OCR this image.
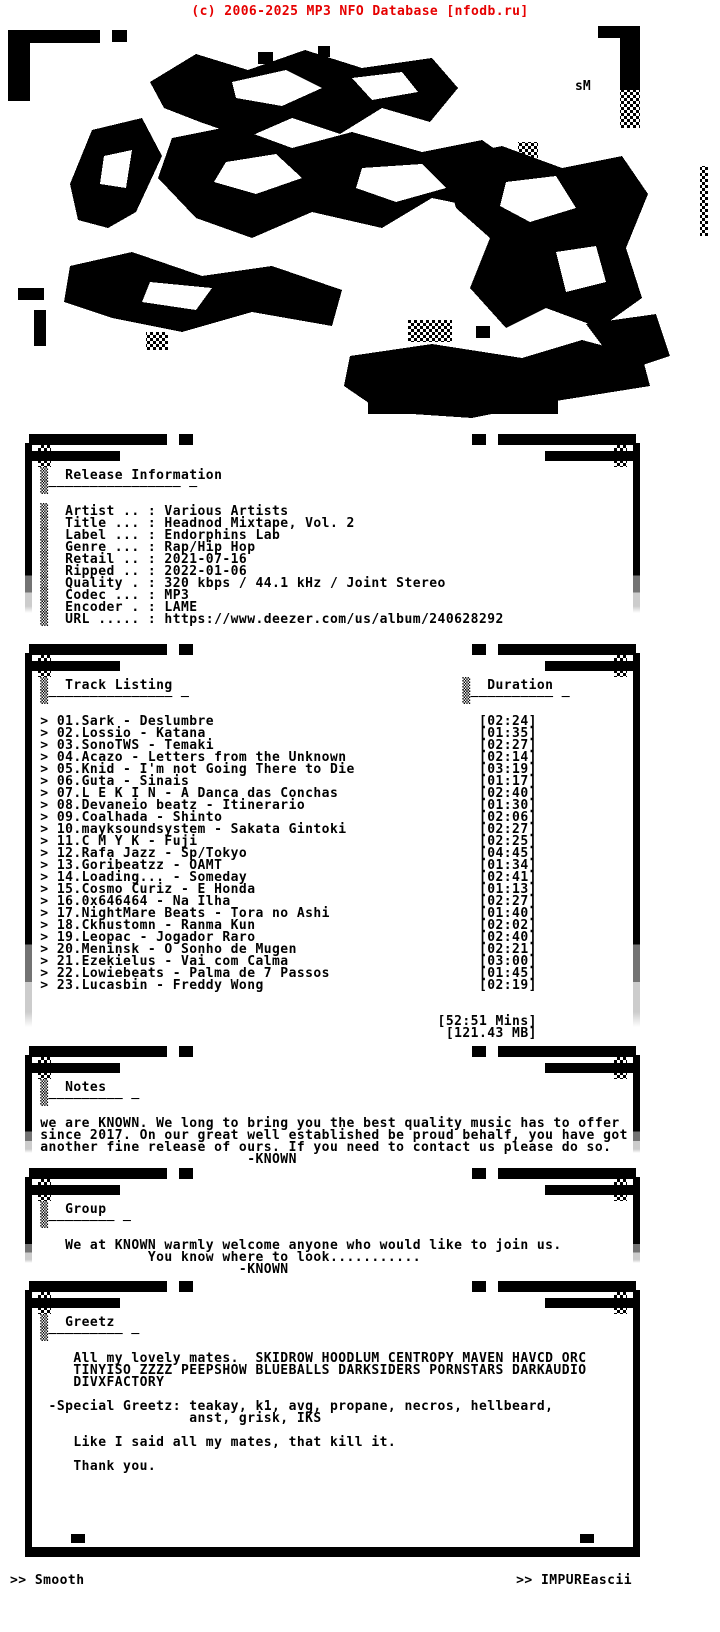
(c) 2006-2025 MP3 NFO Database [nfodb.ru]
sM

▒  Release Information
▒──────────────── ─

▒  Artist .. : Various Artists
▒  Title ... : Headnod Mixtape, Vol. 2
▒  Label ... : Endorphins Lab
▒  Genre ... : Rap/Hip Hop
▒  Retail .. : 2021-07-16
▒  Ripped .. : 2022-01-06
▒  Quality . : 320 kbps / 44.1 kHz / Joint Stereo
▒  Codec ... : MP3
▒  Encoder . : LAME
▒  URL ..... : https://www.deezer.com/us/album/240628292

▒  Track Listing                                   ▒  Duration
▒─────────────── ─                                 ▒────────── ─

> 01.Sark - Deslumbre                                [02:24]
> 02.Lossio - Katana                                 [01:35]
> 03.SonoTWS - Temaki                                [02:27]
> 04.Acazo - Letters from the Unknown                [02:14]
> 05.Knid - I'm not Going There to Die               [03:19]
> 06.Guta - Sinais                                   [01:17]
> 07.L E K I N - A Danca das Conchas                 [02:40]
> 08.Devaneio beatz - Itinerario                     [01:30]
> 09.Coalhada - Shinto                               [02:06]
> 10.mayksoundsystem - Sakata Gintoki                [02:27]
> 11.C M Y K - Fuji                                  [02:25]
> 12.Rafa Jazz - Sp/Tokyo                            [04:45]
> 13.Goribeatzz - OAMT                               [01:34]
> 14.Loading... - Someday                            [02:41]
> 15.Cosmo Curiz - E Honda                           [01:13]
> 16.0x646464 - Na Ilha                              [02:27]
> 17.NightMare Beats - Tora no Ashi                  [01:40]
> 18.Ckhustomn - Ranma Kun                           [02:02]
> 19.Leopac - Jogador Raro                           [02:40]
> 20.Meninsk - O Sonho de Mugen                      [02:21]
> 21.Ezekielus - Vai com Calma                       [03:00]
> 22.Lowiebeats - Palma de 7 Passos                  [01:45]
> 23.Lucasbin - Freddy Wong                          [02:19]

[52:51 Mins]
[121.43 MB]

▒  Notes
▒───────── ─

we are KNOWN. We long to bring you the best quality music has to offer
since 2017. On our great well established be proud behalf, you have got
another fine release of ours. If you need to contact us please do so.
-KNOWN

▒  Group
▒──────── ─

We at KNOWN warmly welcome anyone who would like to join us.
You know where to look...........
-KNOWN

▒  Greetz
▒───────── ─

All my lovely mates.  SKIDROW HOODLUM CENTROPY MAVEN HAVCD ORC
TINYISO ZZZZ PEEPSHOW BLUEBALLS DARKSIDERS PORNSTARS DARKAUDIO
DIVXFACTORY

-Special Greetz: teakay, k1, avg, propane, necros, hellbeard,
anst, grisk, IKS

Like I said all my mates, that kill it.

Thank you.
>> Smooth	>> IMPUREascii
